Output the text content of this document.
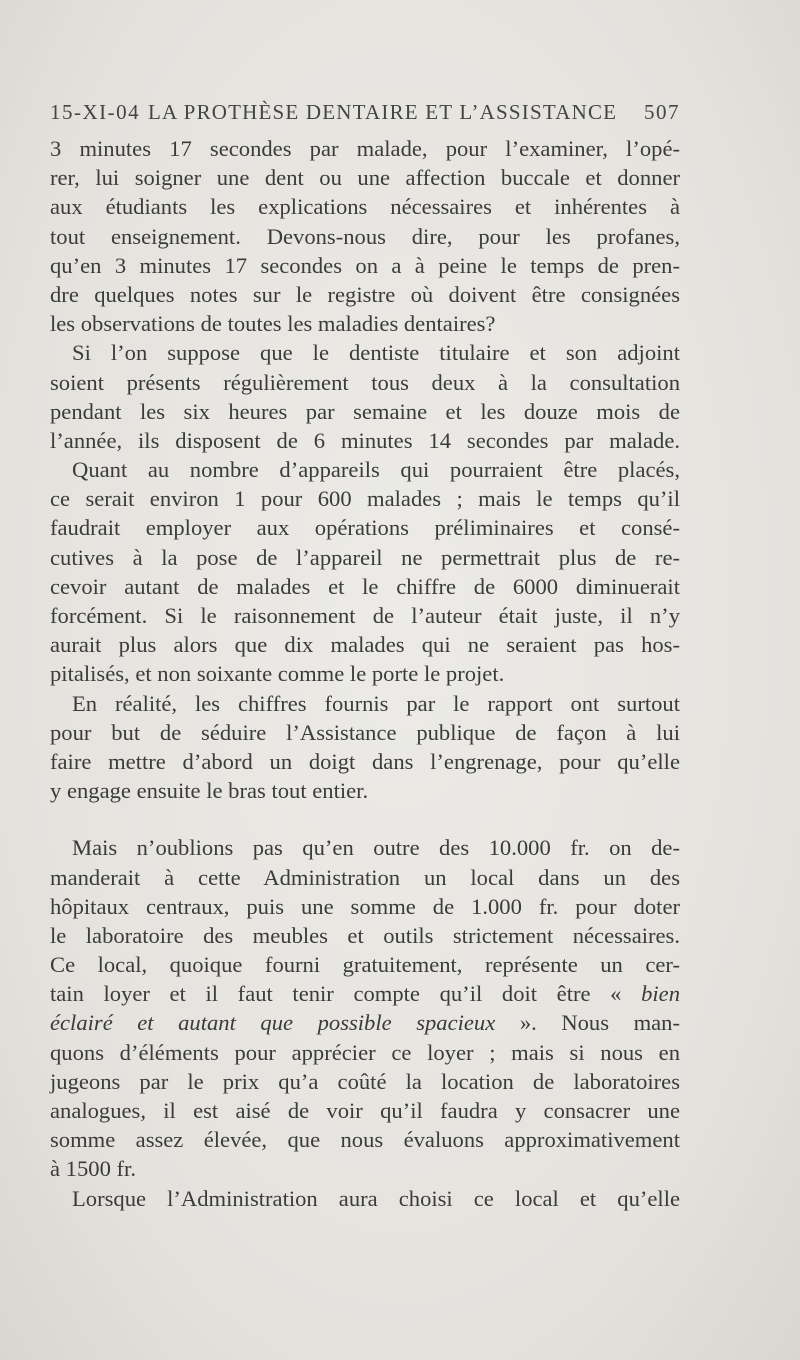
15-XI-04 LA PROTHÈSE DENTAIRE ET L’ASSISTANCE 507
3 minutes 17 secondes par malade, pour l’examiner, l’opé-
rer, lui soigner une dent ou une affection buccale et donner
aux étudiants les explications nécessaires et inhérentes à
tout enseignement. Devons-nous dire, pour les profanes,
qu’en 3 minutes 17 secondes on a à peine le temps de pren-
dre quelques notes sur le registre où doivent être consignées
les observations de toutes les maladies dentaires?
Si l’on suppose que le dentiste titulaire et son adjoint
soient présents régulièrement tous deux à la consultation
pendant les six heures par semaine et les douze mois de
l’année, ils disposent de 6 minutes 14 secondes par malade.
Quant au nombre d’appareils qui pourraient être placés,
ce serait environ 1 pour 600 malades ; mais le temps qu’il
faudrait employer aux opérations préliminaires et consé-
cutives à la pose de l’appareil ne permettrait plus de re-
cevoir autant de malades et le chiffre de 6000 diminuerait
forcément. Si le raisonnement de l’auteur était juste, il n’y
aurait plus alors que dix malades qui ne seraient pas hos-
pitalisés, et non soixante comme le porte le projet.
En réalité, les chiffres fournis par le rapport ont surtout
pour but de séduire l’Assistance publique de façon à lui
faire mettre d’abord un doigt dans l’engrenage, pour qu’elle
y engage ensuite le bras tout entier.
Mais n’oublions pas qu’en outre des 10.000 fr. on de-
manderait à cette Administration un local dans un des
hôpitaux centraux, puis une somme de 1.000 fr. pour doter
le laboratoire des meubles et outils strictement nécessaires.
Ce local, quoique fourni gratuitement, représente un cer-
tain loyer et il faut tenir compte qu’il doit être « bien
éclairé et autant que possible spacieux ». Nous man-
quons d’éléments pour apprécier ce loyer ; mais si nous en
jugeons par le prix qu’a coûté la location de laboratoires
analogues, il est aisé de voir qu’il faudra y consacrer une
somme assez élevée, que nous évaluons approximativement
à 1500 fr.
Lorsque l’Administration aura choisi ce local et qu’elle
